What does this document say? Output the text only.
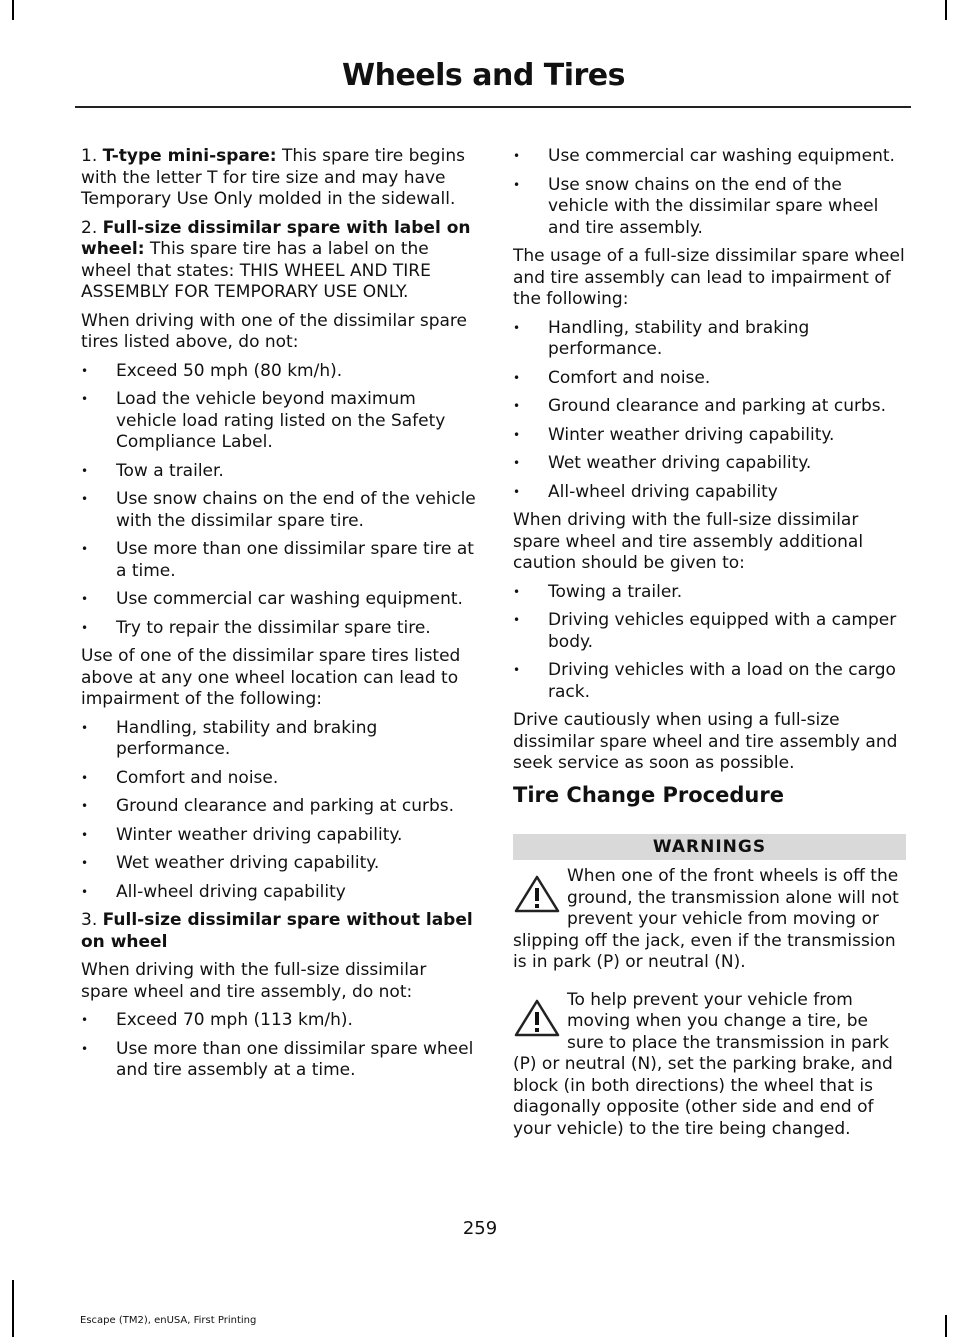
Wheels and Tires

1. T-type mini-spare: This spare tire begins with the letter T for tire size and may have Temporary Use Only molded in the sidewall.

2. Full-size dissimilar spare with label on wheel: This spare tire has a label on the wheel that states: THIS WHEEL AND TIRE ASSEMBLY FOR TEMPORARY USE ONLY.

When driving with one of the dissimilar spare tires listed above, do not:

• Exceed 50 mph (80 km/h).
• Load the vehicle beyond maximum vehicle load rating listed on the Safety Compliance Label.
• Tow a trailer.
• Use snow chains on the end of the vehicle with the dissimilar spare tire.
• Use more than one dissimilar spare tire at a time.
• Use commercial car washing equipment.
• Try to repair the dissimilar spare tire.

Use of one of the dissimilar spare tires listed above at any one wheel location can lead to impairment of the following:

• Handling, stability and braking performance.
• Comfort and noise.
• Ground clearance and parking at curbs.
• Winter weather driving capability.
• Wet weather driving capability.
• All-wheel driving capability

3. Full-size dissimilar spare without label on wheel

When driving with the full-size dissimilar spare wheel and tire assembly, do not:

• Exceed 70 mph (113 km/h).
• Use more than one dissimilar spare wheel and tire assembly at a time.
• Use commercial car washing equipment.
• Use snow chains on the end of the vehicle with the dissimilar spare wheel and tire assembly.

The usage of a full-size dissimilar spare wheel and tire assembly can lead to impairment of the following:

• Handling, stability and braking performance.
• Comfort and noise.
• Ground clearance and parking at curbs.
• Winter weather driving capability.
• Wet weather driving capability.
• All-wheel driving capability

When driving with the full-size dissimilar spare wheel and tire assembly additional caution should be given to:

• Towing a trailer.
• Driving vehicles equipped with a camper body.
• Driving vehicles with a load on the cargo rack.

Drive cautiously when using a full-size dissimilar spare wheel and tire assembly and seek service as soon as possible.

Tire Change Procedure
WARNINGS
When one of the front wheels is off the ground, the transmission alone will not prevent your vehicle from moving or slipping off the jack, even if the transmission is in park (P) or neutral (N).
To help prevent your vehicle from moving when you change a tire, be sure to place the transmission in park (P) or neutral (N), set the parking brake, and block (in both directions) the wheel that is diagonally opposite (other side and end of your vehicle) to the tire being changed.
259
Escape (TM2), enUSA, First Printing
